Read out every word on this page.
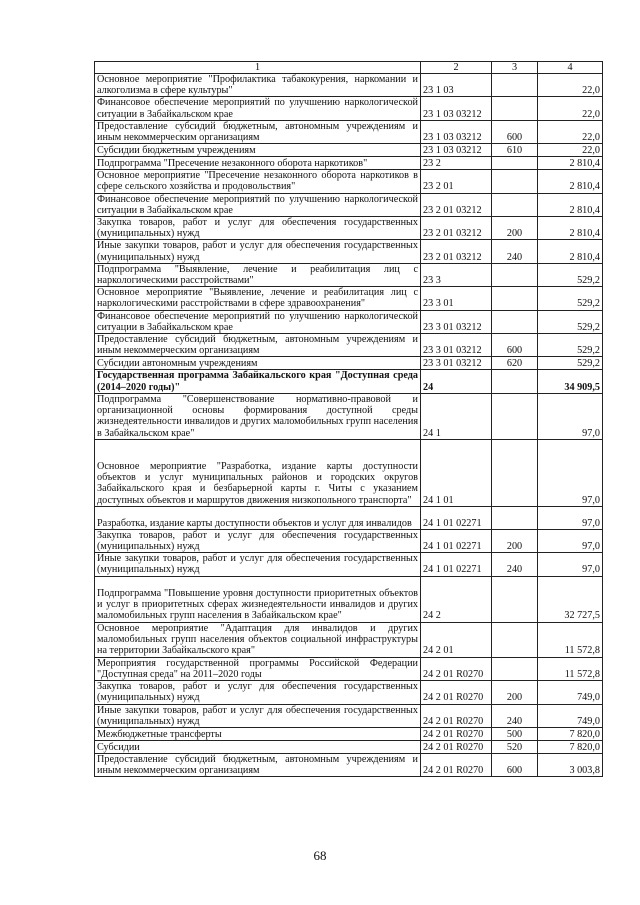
1	2	3	4
Основное мероприятие "Профилактика табакокурения, наркомании и алкоголизма в сфере культуры"	23 1 03		22,0
Финансовое обеспечение мероприятий по улучшению наркологической ситуации в Забайкальском крае	23 1 03 03212		22,0
Предоставление субсидий бюджетным, автономным учреждениям и иным некоммерческим организациям	23 1 03 03212	600	22,0
Субсидии бюджетным учреждениям	23 1 03 03212	610	22,0
Подпрограмма "Пресечение незаконного оборота наркотиков"	23 2		2 810,4
Основное мероприятие "Пресечение незаконного оборота наркотиков в сфере сельского хозяйства и продовольствия"	23 2 01		2 810,4
Финансовое обеспечение мероприятий по улучшению наркологической ситуации в Забайкальском крае	23 2 01 03212		2 810,4
Закупка товаров, работ и услуг для обеспечения государственных (муниципальных) нужд	23 2 01 03212	200	2 810,4
Иные закупки товаров, работ и услуг для обеспечения государственных (муниципальных) нужд	23 2 01 03212	240	2 810,4
Подпрограмма "Выявление, лечение и реабилитация лиц с наркологическими расстройствами"	23 3		529,2
Основное мероприятие "Выявление, лечение и реабилитация лиц с наркологическими расстройствами в сфере здравоохранения"	23 3 01		529,2
Финансовое обеспечение мероприятий по улучшению наркологической ситуации в Забайкальском крае	23 3 01 03212		529,2
Предоставление субсидий бюджетным, автономным учреждениям и иным некоммерческим организациям	23 3 01 03212	600	529,2
Субсидии автономным учреждениям	23 3 01 03212	620	529,2
Государственная программа Забайкальского края "Доступная среда (2014–2020 годы)"	24		34 909,5
Подпрограмма "Совершенствование нормативно-правовой и организационной основы формирования доступной среды жизнедеятельности инвалидов и других маломобильных групп населения в Забайкальском крае"	24 1		97,0
Основное мероприятие "Разработка, издание карты доступности объектов и услуг муниципальных районов и городских округов Забайкальского края и безбарьерной карты г. Читы с указанием доступных объектов и маршрутов движения низкопольного транспорта"	24 1 01		97,0
Разработка, издание карты доступности объектов и услуг для инвалидов	24 1 01 02271		97,0
Закупка товаров, работ и услуг для обеспечения государственных (муниципальных) нужд	24 1 01 02271	200	97,0
Иные закупки товаров, работ и услуг для обеспечения государственных (муниципальных) нужд	24 1 01 02271	240	97,0
Подпрограмма "Повышение уровня доступности приоритетных объектов и услуг в приоритетных сферах жизнедеятельности инвалидов и других маломобильных групп населения в Забайкальском крае"	24 2		32 727,5
Основное мероприятие "Адаптация для инвалидов и других маломобильных групп населения объектов социальной инфраструктуры на территории Забайкальского края"	24 2 01		11 572,8
Мероприятия государственной программы Российской Федерации "Доступная среда" на 2011–2020 годы	24 2 01 R0270		11 572,8
Закупка товаров, работ и услуг для обеспечения государственных (муниципальных) нужд	24 2 01 R0270	200	749,0
Иные закупки товаров, работ и услуг для обеспечения государственных (муниципальных) нужд	24 2 01 R0270	240	749,0
Межбюджетные трансферты	24 2 01 R0270	500	7 820,0
Субсидии	24 2 01 R0270	520	7 820,0
Предоставление субсидий бюджетным, автономным учреждениям и иным некоммерческим организациям	24 2 01 R0270	600	3 003,8
68
